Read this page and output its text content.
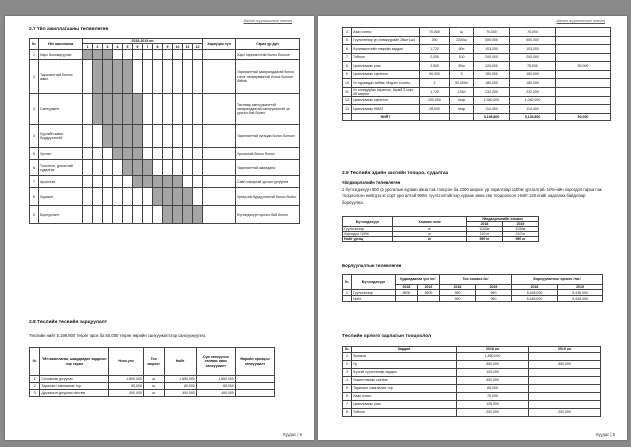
Аялал жуулчлалын төсөл
2.7 Үйл ажиллагааны төлөвлөгөө
№	Үйл ажиллагаа	2018-2019 он												Хариуцах хүн	Гарах үр дүн
		1	2	3	4	5	6	7	8	9	10	11	12		
1	Харс боловсруулах														Харс тарилалттай болох болсон
2	Тарилалттай болгох ажил														Тарилалттай захиралдаатай болох, тоног төхөөрөмжтэй болох болсон байна
3	Санхүүжилт														Төслөөр санхүүжилттэй захиралдаатай санхүүжилтэй за урсгал бий болно
4	Хуулийн зөвш, бүрдүүлэлтэй														Тарилалттай хугацаа болох болсон
5	Урсгал														Урсгалтай болох болно
6	Тоноглол, урсгалтай судалгаа														Тарилалттай ажилдана
7	Арчилгаа														Сайн чанартай урсгал ургуулна
8	Хураалт														Ургацтай бүрдүүлэлтэй болох болно
9	Борлуулалт														Бүтээгдэхүүн орлого бий болно
2.8 Төслийн төсвийн зарцуулалт
Төслийн нийт 5,199,800 төгрөг орох ба 50,000 төгрөг өөрийн санхүүжилтээр санхүүжүүлнэ.
№	Үйл ажиллагаа, шаардагдах зардлын нэр төрөл	Нэгж үнэ	Тоо ширхэг	Нийт	Сум хөгжүүлэх сангаас авах санхүүжилт	Өөрийн оролцоо санхүүжилт
1	Соловолж ургуулах	1,850,000	ш	1,850,000	1,850,000	
2	Тарилалт хамгаалах тор	65,000	ш	65,000	65,000	
3	Дусаалын ургуулах систем	400,000	ш	400,000	400,000	
Хуудас | 5
Аялал жуулчлалын төсөл
4	Хаах олноч	70,000	ш	70,000	70,000	
5	Гүүлсгэлээр үр (хэмжүүрийн 28ш+1ш)	250	2200ш	550,000	550,000	
6	Хүчинжилтийн тэврийн зардал	1,720	60п	103,200	103,200	
7	Тойлон	2,000	100	200,000	200,000	
8	Цахилгааны утас	2,500	50м	125,000	75,000	50,000
9	Цахилгааны хэрэгсэл	50,000	3	150,000	150,000	
10	Ус хураагдах гибим ,Мэдэгч тоолно	2	90,000л	180,000	180,000	
11	Ус тохируулах хэрэгсэл, Шумб 3 сорт 45 ширхэг	1,720	135л	232,200	232,200	
12	Цахилгааны хэрэгсэл	200,000	4хэр	1,040,000	1,040,000	
13	Цахилгааны НӨАТ	28,000	4хэр	114,400	114,400	
	НИЙТ			5,199,800	5,149,800	50,000
2.9 Төслийн эдийн засгийн тооцоо, судалгаа
Үйлдвэрлэлийн төлөвлөгөө
1 бүтээгдэхүүн 500 гр урсгалын хураан авна гэж тооцсон ба 2200 ширхэг үр тарилтаар 1100кг урсгалтай. 10%-ийн хорогдол гарна гэж тооцоолсон нийтдээ кг сорт урсгалтай 990кг гүүлсгэлтэйгээр хураан авна гэж тооцоолсон. Нийт 120 кгийг хадгалах байдлаар борлуулна.
Бүтээгдэхүүн	Хэмжих нэгж	Үйлдвэрлэлийн хэмжээ	
		2018	2019
Гүүлсгэлээр	кг	1100кг	1100кг
Хорогдол /10%/	кг	110 кг	110 кг
Нийт ургац	кг	990 кг	990 кг
Борлуулалтын төлөвлөгөө
№	Бүтээгдэхүүн	Худалдаалах үнэ /кг/		Тоо хэмжээ /кг/		Борлуулалтын орлого /төг/	
		2018	2019	2018	2019	2018	2019
1	Гүүлсгэлээр	5500	5500	990	990	5,445,000	5,445,000
	Нийт			990	990	5,445,000	5,445,000
Төслийн орлого зарлагын тооцоолол
№	Зардал	2018 он	2019 он
1	Хулгана	1,850,000	
2	Үр	550,000	550,000
3	Хүчтэй гүүлсгэлээр зардал	103,200	
4	Усжилтлааны систем	400,000	
5	Тарилалт хамгаалах тор	65,000	
6	Хаах олноч	70,000	
7	Цахилгааны утас	125,000	
8	Тойлон	200,000	200,000
Хуудас | 6
